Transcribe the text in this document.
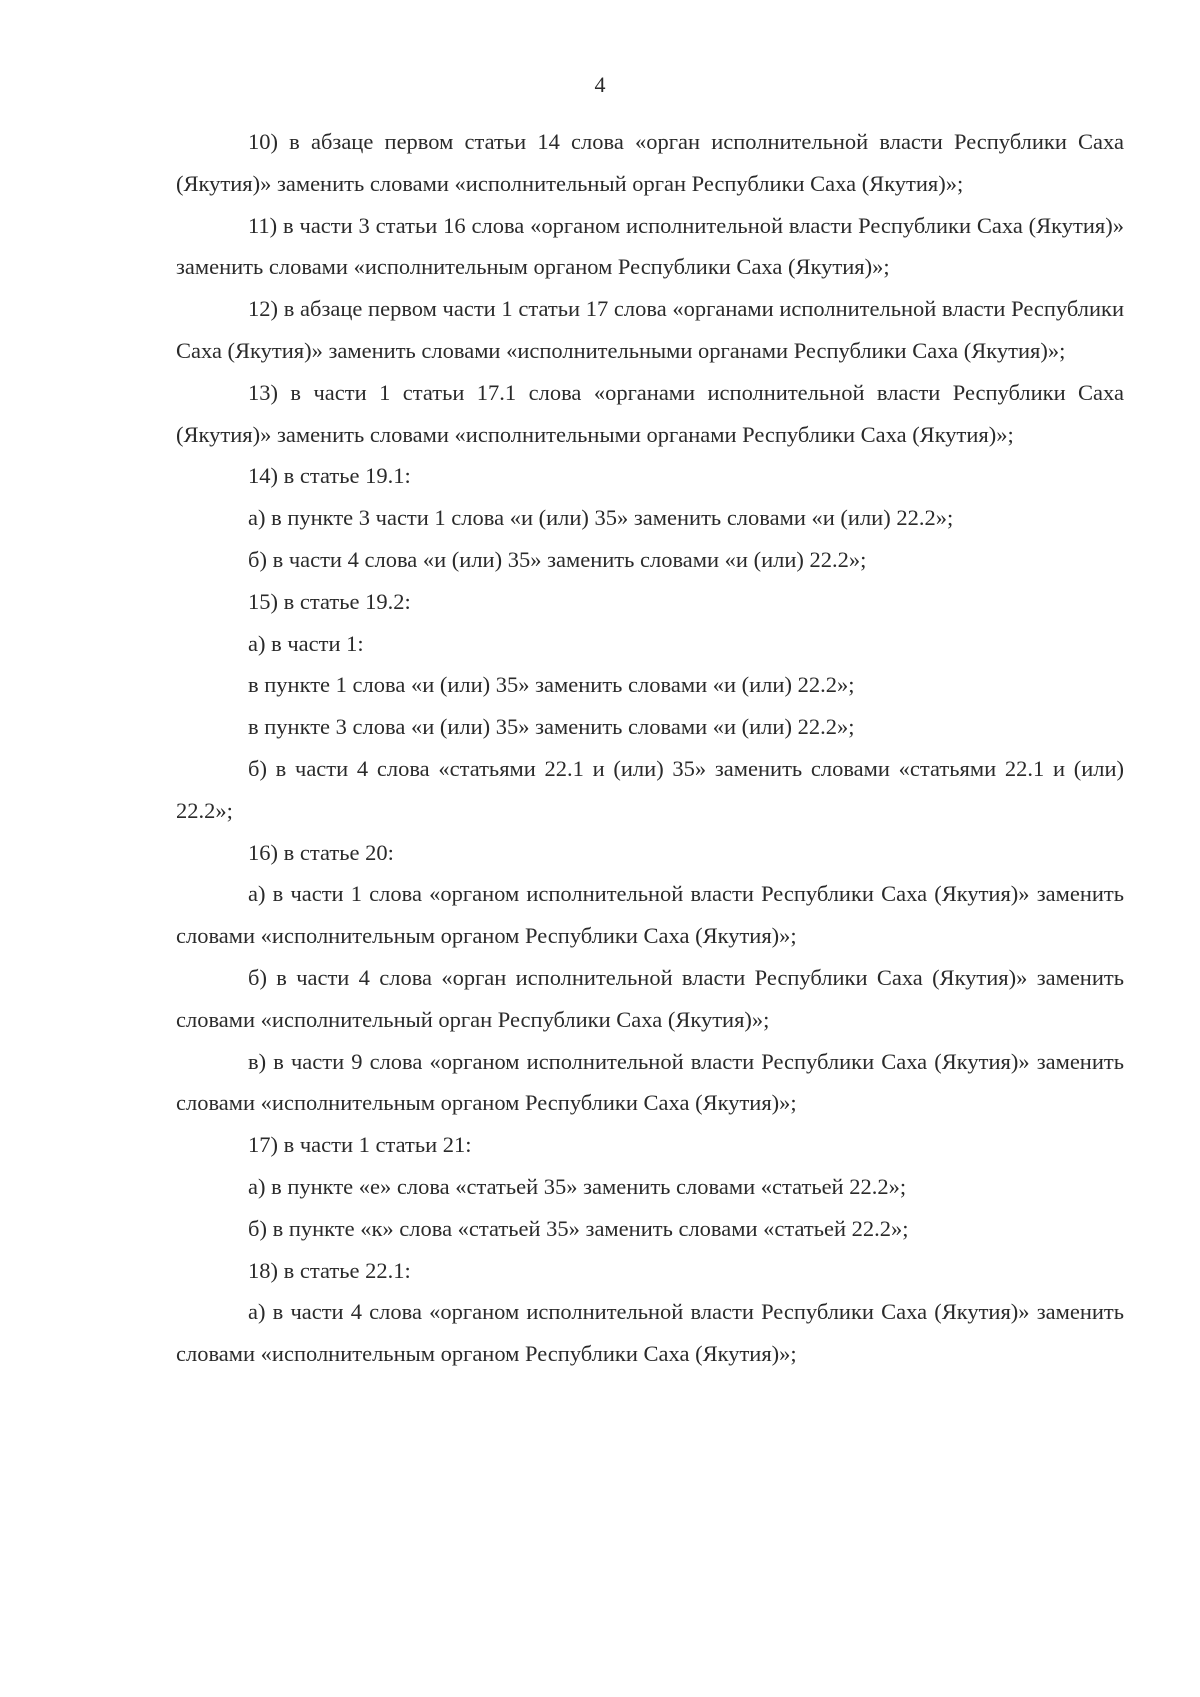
4

10) в абзаце первом статьи 14 слова «орган исполнительной власти Республики Саха (Якутия)» заменить словами «исполнительный орган Республики Саха (Якутия)»;

11) в части 3 статьи 16 слова «органом исполнительной власти Республики Саха (Якутия)» заменить словами «исполнительным органом Республики Саха (Якутия)»;

12) в абзаце первом части 1 статьи 17 слова «органами исполнительной власти Республики Саха (Якутия)» заменить словами «исполнительными органами Республики Саха (Якутия)»;

13) в части 1 статьи 17.1 слова «органами исполнительной власти Республики Саха (Якутия)» заменить словами «исполнительными органами Республики Саха (Якутия)»;

14) в статье 19.1:

а) в пункте 3 части 1 слова «и (или) 35» заменить словами «и (или) 22.2»;

б) в части 4 слова «и (или) 35» заменить словами «и (или) 22.2»;

15) в статье 19.2:

а) в части 1:

в пункте 1 слова «и (или) 35» заменить словами «и (или) 22.2»;

в пункте 3 слова «и (или) 35» заменить словами «и (или) 22.2»;

б) в части 4 слова «статьями 22.1 и (или) 35» заменить словами «статьями 22.1 и (или) 22.2»;

16) в статье 20:

а) в части 1 слова «органом исполнительной власти Республики Саха (Якутия)» заменить словами «исполнительным органом Республики Саха (Якутия)»;

б) в части 4 слова «орган исполнительной власти Республики Саха (Якутия)» заменить словами «исполнительный орган Республики Саха (Якутия)»;

в) в части 9 слова «органом исполнительной власти Республики Саха (Якутия)» заменить словами «исполнительным органом Республики Саха (Якутия)»;

17) в части 1 статьи 21:

а) в пункте «е» слова «статьей 35» заменить словами «статьей 22.2»;

б) в пункте «к» слова «статьей 35» заменить словами «статьей 22.2»;

18) в статье 22.1:

а) в части 4 слова «органом исполнительной власти Республики Саха (Якутия)» заменить словами «исполнительным органом Республики Саха (Якутия)»;
